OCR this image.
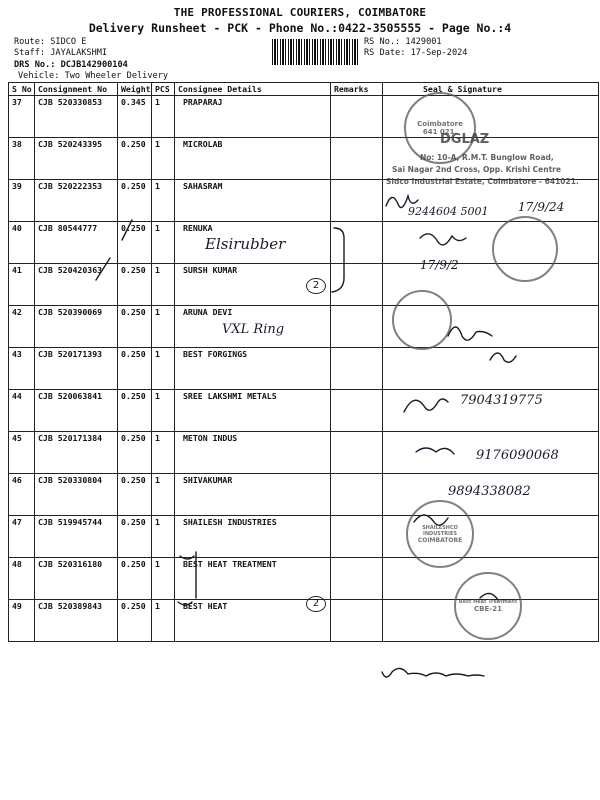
THE PROFESSIONAL COURIERS, COIMBATORE
Delivery Runsheet - PCK - Phone No.:0422-3505555 - Page No.:4
Route: SIDCO E
Staff: JAYALAKSHMI
DRS No.: DCJB142900104
Vehicle: Two Wheeler Delivery
RS No.: 1429001
RS Date: 17-Sep-2024
S No	Consignment No	Weight	PCS	Consignee Details	Remarks	Seal & Signature
37	CJB 520330853	0.345	1	PRAPARAJ		
38	CJB 520243395	0.250	1	MICROLAB		
39	CJB 520222353	0.250	1	SAHASRAM		
40	CJB 80544777	0.250	1	RENUKA		
41	CJB 520420363	0.250	1	SURSH KUMAR		
42	CJB 520390069	0.250	1	ARUNA DEVI		
43	CJB 520171393	0.250	1	BEST FORGINGS		
44	CJB 520063841	0.250	1	SREE LAKSHMI METALS		
45	CJB 520171384	0.250	1	METON INDUS		
46	CJB 520330804	0.250	1	SHIVAKUMAR		
47	CJB 519945744	0.250	1	SHAILESH INDUSTRIES		
48	CJB 520316180	0.250	1	BEST HEAT TREATMENT		
49	CJB 520389843	0.250	1	BEST HEAT		
Coimbatore
641 021.
DGLAZ
No: 10-A, R.M.T. Bunglow Road,
Sai Nagar 2nd Cross, Opp. Krishi Centre
Sidco Industrial Estate, Coimbatore - 641021.
SHAILESHCO INDUSTRIES
COIMBATORE
Best Heat Treatment
CBE-21
Elsirubber
VXL Ring
9244604 5001 17/9/24
17/9/2
7904319775
9176090068
9894338082
2
2
